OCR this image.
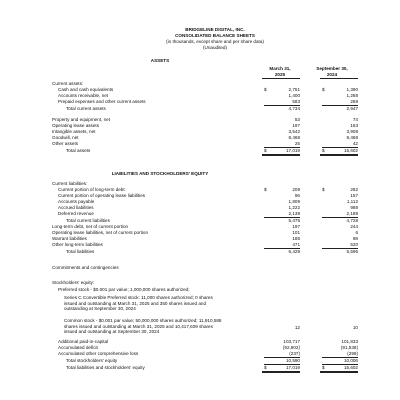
BRIDGELINE DIGITAL, INC.
CONSOLIDATED BALANCE SHEETS
(in thousands, except share and per share data)
(Unaudited)
ASSETS
March 31,
2025
September 30,
2024
Current assets:
Cash and cash equivalents	$	2,751	$	1,390
Accounts receivable, net	1,400	1,288
Prepaid expenses and other current assets	583	269
Total current assets	4,734	2,947
Property and equipment, net	53	74
Operating lease assets	197	163
Intangible assets, net	3,542	3,908
Goodwill, net	8,468	8,468
Other assets	25	42
Total assets	$	17,019	$	15,602
LIABILITIES AND STOCKHOLDERS' EQUITY
Current liabilities:
Current portion of long-term debt	$	209	$	282
Current portion of operating lease liabilities	96	157
Accounts payable	1,809	1,112
Accrued liabilities	1,222	988
Deferred revenue	2,139	2,189
Total current liabilities	5,475	4,728
Long-term debt, net of current portion	197	244
Operating lease liabilities, net of current portion	101	6
Warrant liabilities	185	98
Other long-term liabilities	471	520
Total liabilities	6,429	5,596
Commitments and contingencies
Stockholders' equity:
Preferred stock - $0.001 par value; 1,000,000 shares authorized;
Series C Convertible Preferred stock: 11,000 shares authorized; 0 shares
issued and outstanding at March 31, 2025 and 350 shares issued and
outstanding at September 30, 2024
Common stock - $0.001 par value; 50,000,000 shares authorized; 11,910,588
shares issued and outstanding at March 31, 2025 and 10,417,609 shares
issued and outstanding at September 30, 2024
12	10
Additional paid-in-capital	103,717	101,833
Accumulated deficit	(92,902)	(91,538)
Accumulated other comprehensive loss	(237)	(299)
Total stockholders' equity	10,590	10,006
Total liabilities and stockholders' equity	$	17,019	$	15,602
